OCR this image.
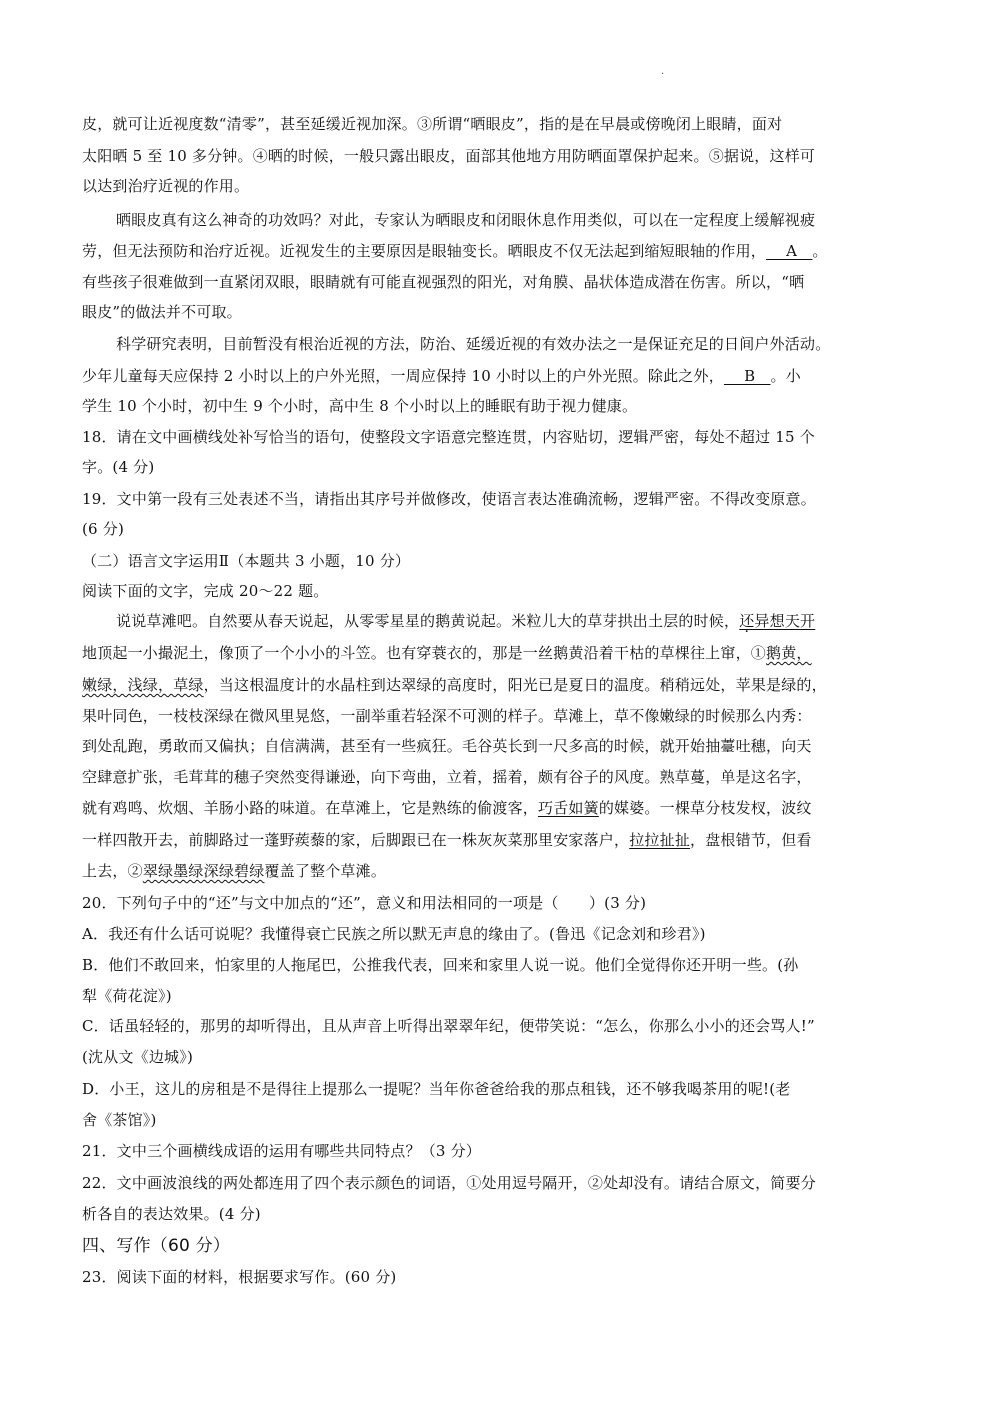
.
皮，就可让近视度数“清零”，甚至延缓近视加深。③所谓“晒眼皮”，指的是在早晨或傍晚闭上眼睛，面对
太阳晒 5 至 10 多分钟。④晒的时候，一般只露出眼皮，面部其他地方用防晒面罩保护起来。⑤据说，这样可
以达到治疗近视的作用。
晒眼皮真有这么神奇的功效吗？对此，专家认为晒眼皮和闭眼休息作用类似，可以在一定程度上缓解视疲
劳，但无法预防和治疗近视。近视发生的主要原因是眼轴变长。晒眼皮不仅无法起到缩短眼轴的作用，　 A　。
有些孩子很难做到一直紧闭双眼，眼睛就有可能直视强烈的阳光，对角膜、晶状体造成潜在伤害。所以，“晒
眼皮”的做法并不可取。
科学研究表明，目前暂没有根治近视的方法，防治、延缓近视的有效办法之一是保证充足的日间户外活动。
少年儿童每天应保持 2 小时以上的户外光照，一周应保持 10 小时以上的户外光照。除此之外，　 B　。小
学生 10 个小时，初中生 9 个小时，高中生 8 个小时以上的睡眠有助于视力健康。
18．请在文中画横线处补写恰当的语句，使整段文字语意完整连贯，内容贴切，逻辑严密，每处不超过 15 个
字。(4 分)
19．文中第一段有三处表述不当，请指出其序号并做修改，使语言表达准确流畅，逻辑严密。不得改变原意。
(6 分)
（二）语言文字运用Ⅱ（本题共 3 小题，10 分）
阅读下面的文字，完成 20～22 题。
说说草滩吧。自然要从春天说起，从零零星星的鹅黄说起。米粒儿大的草芽拱出土层的时候，还异想天开
地顶起一小撮泥土，像顶了一个小小的斗笠。也有穿蓑衣的，那是一丝鹅黄沿着干枯的草棵往上窜，①鹅黄，
嫩绿，浅绿，草绿，当这根温度计的水晶柱到达翠绿的高度时，阳光已是夏日的温度。稍稍远处，苹果是绿的，
果叶同色，一枝枝深绿在微风里晃悠，一副举重若轻深不可测的样子。草滩上，草不像嫩绿的时候那么内秀：
到处乱跑，勇敢而又偏执；自信满满，甚至有一些疯狂。毛谷英长到一尺多高的时候，就开始抽薹吐穗，向天
空肆意扩张，毛茸茸的穗子突然变得谦逊，向下弯曲，立着，摇着，颇有谷子的风度。熟草蔓，单是这名字，
就有鸡鸣、炊烟、羊肠小路的味道。在草滩上，它是熟练的偷渡客，巧舌如簧的媒婆。一棵草分枝发杈，波纹
一样四散开去，前脚路过一蓬野蒺藜的家，后脚跟已在一株灰灰菜那里安家落户，拉拉扯扯，盘根错节，但看
上去，②翠绿墨绿深绿碧绿覆盖了整个草滩。
20．下列句子中的“还”与文中加点的“还”，意义和用法相同的一项是（　　）(3 分)
A．我还有什么话可说呢？我懂得衰亡民族之所以默无声息的缘由了。(鲁迅《记念刘和珍君》)
B．他们不敢回来，怕家里的人拖尾巴，公推我代表，回来和家里人说一说。他们全觉得你还开明一些。(孙
犁《荷花淀》)
C．话虽轻轻的，那男的却听得出，且从声音上听得出翠翠年纪，便带笑说：“怎么，你那么小小的还会骂人!”
(沈从文《边城》)
D．小王，这儿的房租是不是得往上提那么一提呢？当年你爸爸给我的那点租钱，还不够我喝茶用的呢!(老
舍《茶馆》)
21．文中三个画横线成语的运用有哪些共同特点？（3 分）
22．文中画波浪线的两处都连用了四个表示颜色的词语，①处用逗号隔开，②处却没有。请结合原文，简要分
析各自的表达效果。(4 分)
四、写作（60 分）
23．阅读下面的材料，根据要求写作。(60 分)
